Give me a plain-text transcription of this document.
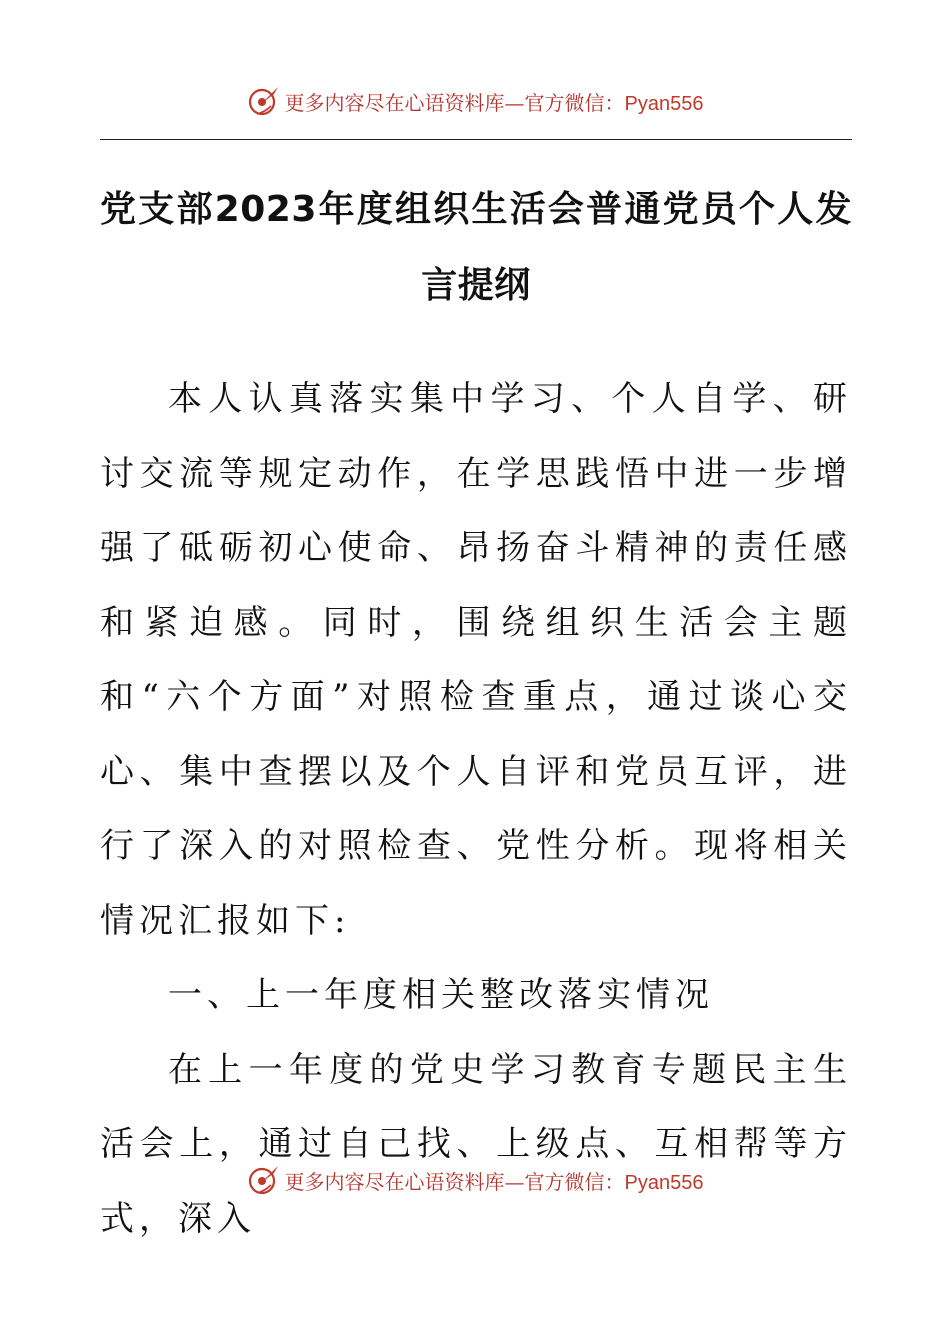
更多内容尽在心语资料库—官方微信：Pyan556
党支部2023年度组织生活会普通党员个人发言提纲

本人认真落实集中学习、个人自学、研讨交流等规定动作，在学思践悟中进一步增强了砥砺初心使命、昂扬奋斗精神的责任感和紧迫感。同时，围绕组织生活会主题和“六个方面”对照检查重点，通过谈心交心、集中查摆以及个人自评和党员互评，进行了深入的对照检查、党性分析。现将相关情况汇报如下:

一、上一年度相关整改落实情况

在上一年度的党史学习教育专题民主生活会上，通过自己找、上级点、互相帮等方式，深入

更多内容尽在心语资料库—官方微信：Pyan556
